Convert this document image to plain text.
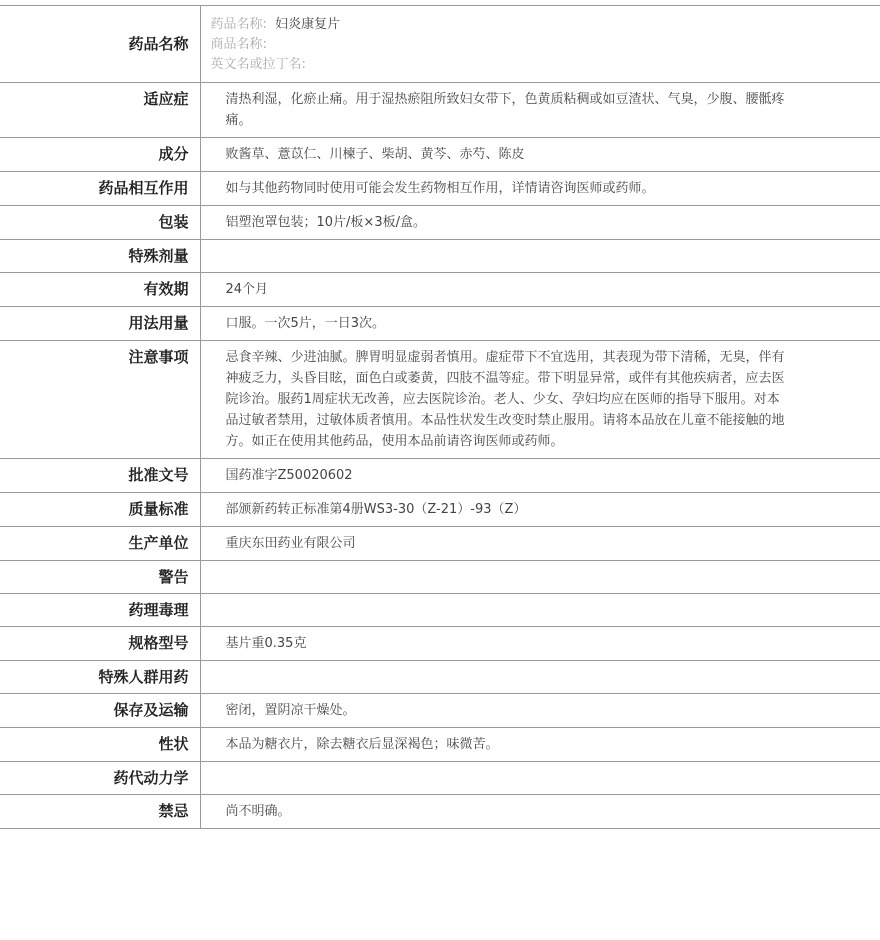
药品名称	药品名称: 妇炎康复片
商品名称:
英文名或拉丁名:

适应症	清热利湿，化瘀止痛。用于湿热瘀阻所致妇女带下，色黄质粘稠或如豆渣状、气臭，少腹、腰骶疼痛。
成分	败酱草、薏苡仁、川楝子、柴胡、黄芩、赤芍、陈皮
药品相互作用	如与其他药物同时使用可能会发生药物相互作用，详情请咨询医师或药师。
包装	铝塑泡罩包装；10片/板×3板/盒。
特殊剂量	
有效期	24个月
用法用量	口服。一次5片，一日3次。
注意事项	忌食辛辣、少进油腻。脾胃明显虚弱者慎用。虚症带下不宜选用，其表现为带下清稀，无臭，伴有神疲乏力，头昏目眩，面色白或萎黄，四肢不温等症。带下明显异常，或伴有其他疾病者，应去医院诊治。服药1周症状无改善，应去医院诊治。老人、少女、孕妇均应在医师的指导下服用。对本品过敏者禁用，过敏体质者慎用。本品性状发生改变时禁止服用。请将本品放在儿童不能接触的地方。如正在使用其他药品，使用本品前请咨询医师或药师。
批准文号	国药准字Z50020602
质量标准	部颁新药转正标准第4册WS3-30（Z-21）-93（Z）
生产单位	重庆东田药业有限公司
警告	
药理毒理	
规格型号	基片重0.35克
特殊人群用药	
保存及运输	密闭，置阴凉干燥处。
性状	本品为糖衣片，除去糖衣后显深褐色；味微苦。
药代动力学	
禁忌	尚不明确。
